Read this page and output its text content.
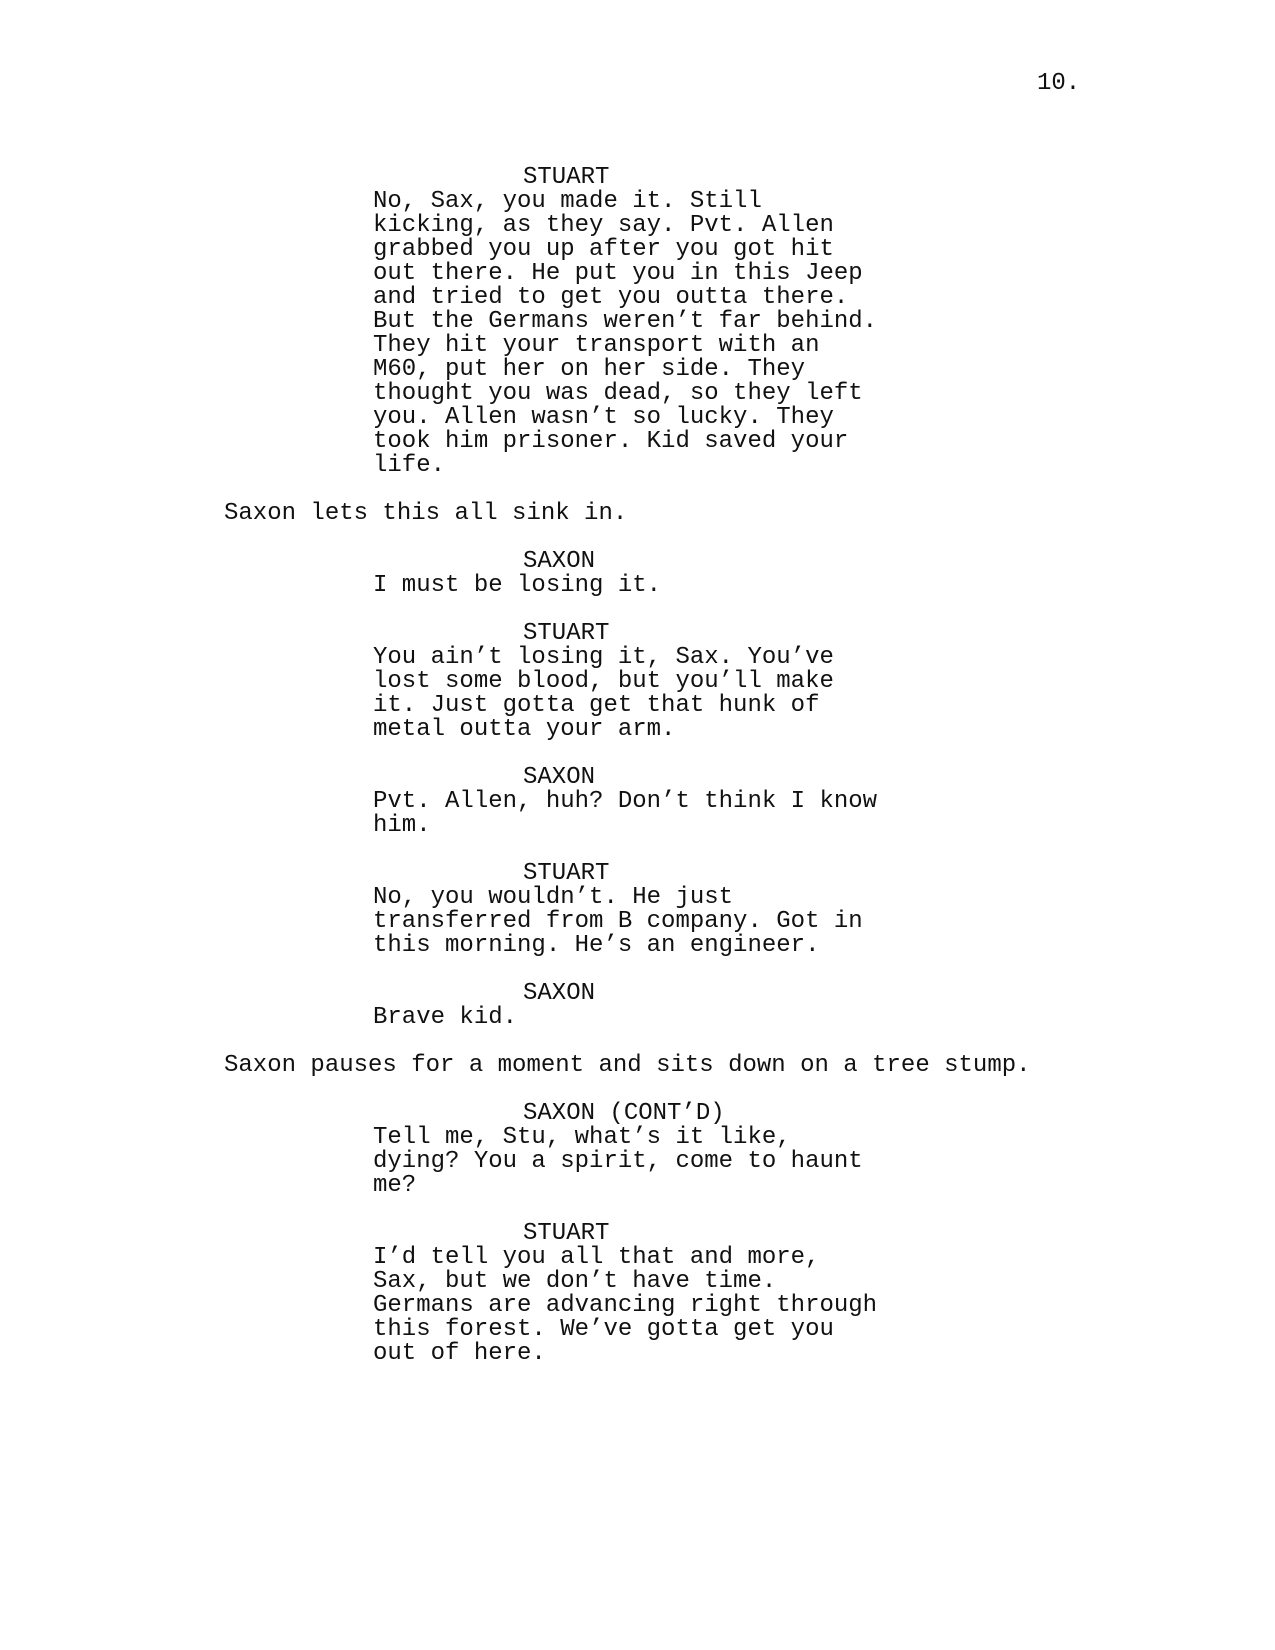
10.
STUART
No, Sax, you made it. Still
kicking, as they say. Pvt. Allen
grabbed you up after you got hit
out there. He put you in this Jeep
and tried to get you outta there.
But the Germans weren’t far behind.
They hit your transport with an
M60, put her on her side. They
thought you was dead, so they left
you. Allen wasn’t so lucky. They
took him prisoner. Kid saved your
life.
Saxon lets this all sink in.
SAXON
I must be losing it.
STUART
You ain’t losing it, Sax. You’ve
lost some blood, but you’ll make
it. Just gotta get that hunk of
metal outta your arm.
SAXON
Pvt. Allen, huh? Don’t think I know
him.
STUART
No, you wouldn’t. He just
transferred from B company. Got in
this morning. He’s an engineer.
SAXON
Brave kid.
Saxon pauses for a moment and sits down on a tree stump.
SAXON (CONT’D)
Tell me, Stu, what’s it like,
dying? You a spirit, come to haunt
me?
STUART
I’d tell you all that and more,
Sax, but we don’t have time.
Germans are advancing right through
this forest. We’ve gotta get you
out of here.
